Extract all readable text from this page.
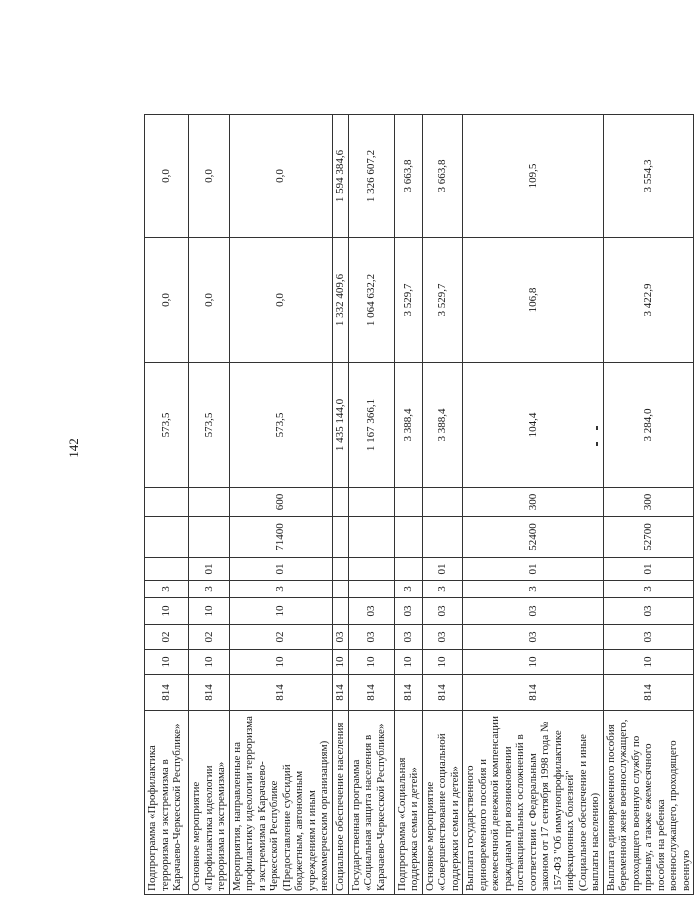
142
Подпрограмма «Профилактика терроризма и экстремизма в Карачаево-Черкесской Республике»	814	10	02	10	3				573,5	0,0	0,0
Основное мероприятие «Профилактика идеологии терроризма и экстремизма»	814	10	02	10	3	01			573,5	0,0	0,0
Мероприятия, направленные на профилактику идеологии терроризма и экстремизма в Карачаево-Черкесской Республике (Предоставление субсидий бюджетным, автономным учреждениям и иным некоммерческим организациям)	814	10	02	10	3	01	71400	600	573,5	0,0	0,0
Социальное обеспечение населения	814	10	03						1 435 144,0	1 332 409,6	1 594 384,6
Государственная программа «Социальная защита населения в Карачаево-Черкесской Республике»	814	10	03	03					1 167 366,1	1 064 632,2	1 326 607,2
Подпрограмма «Социальная поддержка семьи и детей»	814	10	03	03	3				3 388,4	3 529,7	3 663,8
Основное мероприятие «Совершенствование социальной поддержки семьи и детей»	814	10	03	03	3	01			3 388,4	3 529,7	3 663,8
Выплата государственного единовременного пособия и ежемесячной денежной компенсации гражданам при возникновении поствакцинальных осложнений в соответствии с Федеральным законом от 17 сентября 1998 года № 157-ФЗ "Об иммунопрофилактике инфекционных болезней" (Социальное обеспечение и иные выплаты населению)	814	10	03	03	3	01	52400	300	104,4	106,8	109,5
Выплата единовременного пособия беременной жене военнослужащего, проходящего военную службу по призыву, а также ежемесячного пособия на ребенка военнослужащего, проходящего военную	814	10	03	03	3	01	52700	300	3 284,0	3 422,9	3 554,3
